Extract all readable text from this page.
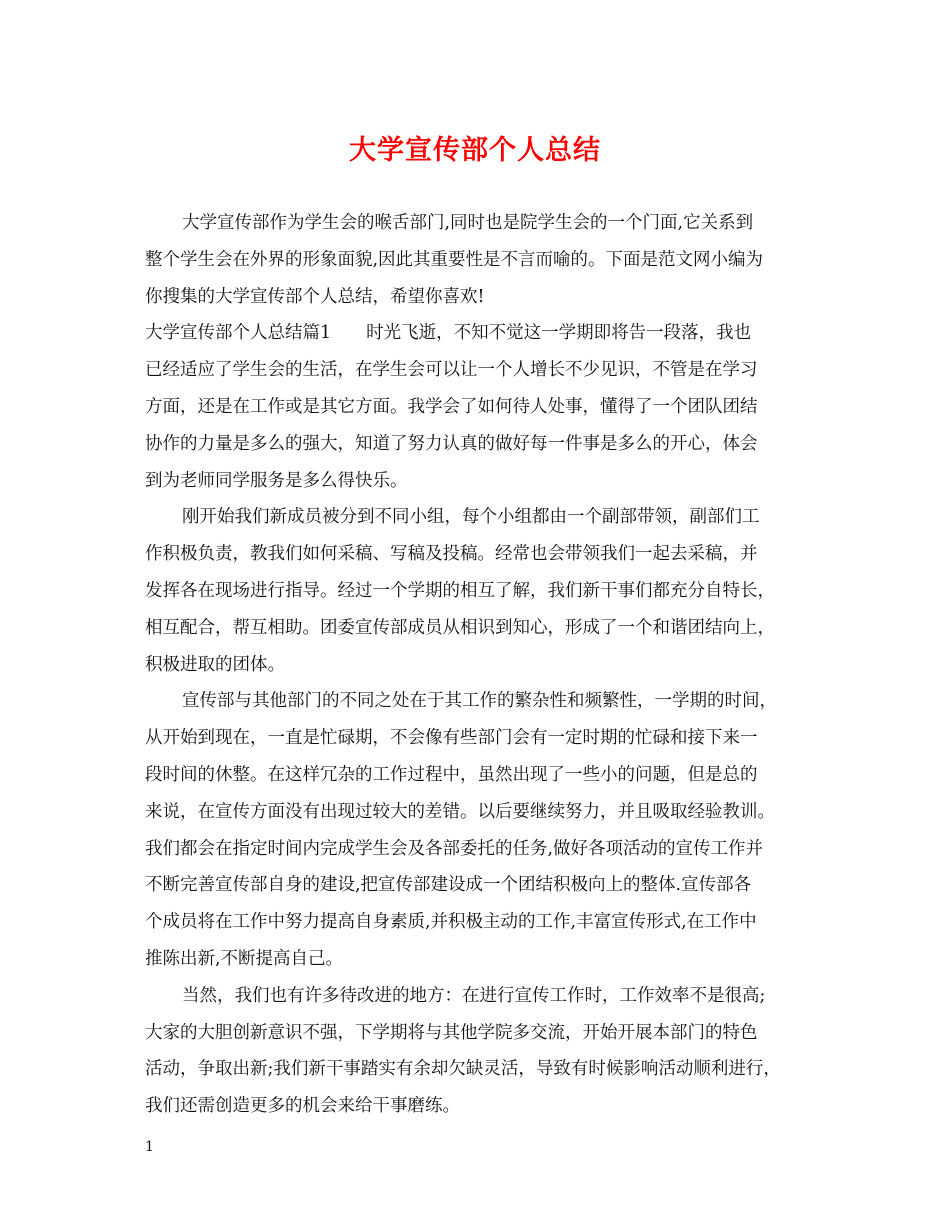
大学宣传部个人总结
大学宣传部作为学生会的喉舌部门,同时也是院学生会的一个门面,它关系到
整个学生会在外界的形象面貌,因此其重要性是不言而喻的。下面是范文网小编为
你搜集的大学宣传部个人总结，希望你喜欢!
大学宣传部个人总结篇1　　时光飞逝，不知不觉这一学期即将告一段落，我也
已经适应了学生会的生活，在学生会可以让一个人增长不少见识，不管是在学习
方面，还是在工作或是其它方面。我学会了如何待人处事，懂得了一个团队团结
协作的力量是多么的强大，知道了努力认真的做好每一件事是多么的开心，体会
到为老师同学服务是多么得快乐。
刚开始我们新成员被分到不同小组，每个小组都由一个副部带领，副部们工
作积极负责，教我们如何采稿、写稿及投稿。经常也会带领我们一起去采稿，并
发挥各在现场进行指导。经过一个学期的相互了解，我们新干事们都充分自特长，
相互配合，帮互相助。团委宣传部成员从相识到知心，形成了一个和谐团结向上，
积极进取的团体。
宣传部与其他部门的不同之处在于其工作的繁杂性和频繁性，一学期的时间，
从开始到现在，一直是忙碌期，不会像有些部门会有一定时期的忙碌和接下来一
段时间的休整。在这样冗杂的工作过程中，虽然出现了一些小的问题，但是总的
来说，在宣传方面没有出现过较大的差错。以后要继续努力，并且吸取经验教训。
我们都会在指定时间内完成学生会及各部委托的任务,做好各项活动的宣传工作并
不断完善宣传部自身的建设,把宣传部建设成一个团结积极向上的整体.宣传部各
个成员将在工作中努力提高自身素质,并积极主动的工作,丰富宣传形式,在工作中
推陈出新,不断提高自己。
当然，我们也有许多待改进的地方：在进行宣传工作时，工作效率不是很高;
大家的大胆创新意识不强，下学期将与其他学院多交流，开始开展本部门的特色
活动，争取出新;我们新干事踏实有余却欠缺灵活，导致有时候影响活动顺利进行，
我们还需创造更多的机会来给干事磨练。
1
